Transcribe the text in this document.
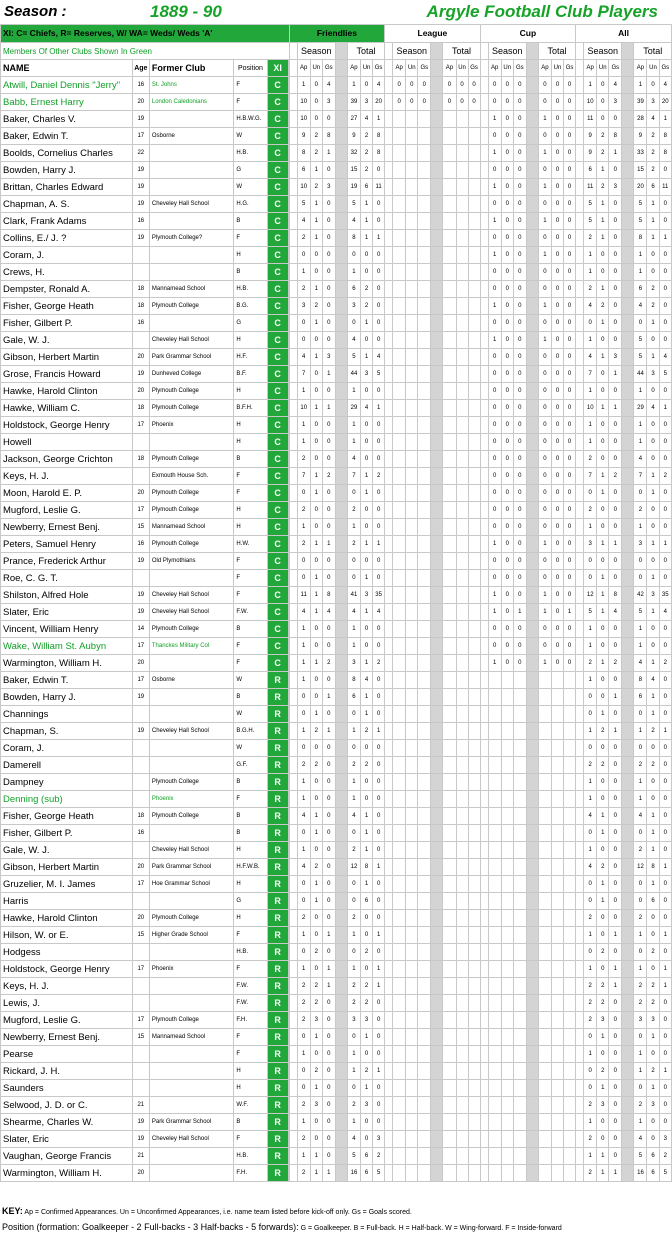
Season :	1889 - 90	Argyle Football Club Players
XI: C= Chiefs, R= Reserves, W/ WA= Weds/ Weds 'A'					Friendlies								League								Cup								All							
Members Of Other Clubs Shown In Green						Season				Total				Season				Total				Season				Total				Season				Total		
NAME	Age	Former Club	Position	XI			Ap	Un	Gs		Ap	Un	Gs		Ap	Un	Gs		Ap	Un	Gs		Ap	Un	Gs		Ap	Un	Gs		Ap	Un	Gs		Ap	Un	Gs
Atwill, Daniel Dennis "Jerry"	16	St. Johns	F	C			1	0	4		1	0	4		0	0	0		0	0	0		0	0	0		0	0	0		1	0	4		1	0	4
Babb, Ernest Harry	20	London Caledonians	F	C			10	0	3		39	3	20		0	0	0		0	0	0		0	0	0		0	0	0		10	0	3		39	3	20
Baker, Charles V.	19		H.B.W.G.	C			10	0	0		27	4	1										1	0	0		1	0	0		11	0	0		28	4	1
Baker, Edwin T.	17	Osborne	W	C			9	2	8		9	2	8										0	0	0		0	0	0		9	2	8		9	2	8
Boolds, Cornelius Charles	22		H.B.	C			8	2	1		32	2	8										1	0	0		1	0	0		9	2	1		33	2	8
Bowden, Harry J.	19		G	C			6	1	0		15	2	0										0	0	0		0	0	0		6	1	0		15	2	0
Brittan, Charles Edward	19		W	C			10	2	3		19	6	11										1	0	0		1	0	0		11	2	3		20	6	11
Chapman, A. S.	19	Cheveley Hall School	H.G.	C			5	1	0		5	1	0										0	0	0		0	0	0		5	1	0		5	1	0
Clark, Frank Adams	16		B	C			4	1	0		4	1	0										1	0	0		1	0	0		5	1	0		5	1	0
Collins, E./ J. ?	19	Plymouth College?	F	C			2	1	0		8	1	1										0	0	0		0	0	0		2	1	0		8	1	1
Coram, J.			H	C			0	0	0		0	0	0										1	0	0		1	0	0		1	0	0		1	0	0
Crews, H.			B	C			1	0	0		1	0	0										0	0	0		0	0	0		1	0	0		1	0	0
Dempster, Ronald A.	18	Mannamead School	H.B.	C			2	1	0		6	2	0										0	0	0		0	0	0		2	1	0		6	2	0
Fisher, George Heath	18	Plymouth College	B.G.	C			3	2	0		3	2	0										1	0	0		1	0	0		4	2	0		4	2	0
Fisher, Gilbert P.	16		G	C			0	1	0		0	1	0										0	0	0		0	0	0		0	1	0		0	1	0
Gale, W. J.		Cheveley Hall School	H	C			0	0	0		4	0	0										1	0	0		1	0	0		1	0	0		5	0	0
Gibson, Herbert Martin	20	Park Grammar School	H.F.	C			4	1	3		5	1	4										0	0	0		0	0	0		4	1	3		5	1	4
Grose, Francis Howard	19	Dunheved College	B.F.	C			7	0	1		44	3	5										0	0	0		0	0	0		7	0	1		44	3	5
Hawke, Harold Clinton	20	Plymouth College	H	C			1	0	0		1	0	0										0	0	0		0	0	0		1	0	0		1	0	0
Hawke, William C.	18	Plymouth College	B.F.H.	C			10	1	1		29	4	1										0	0	0		0	0	0		10	1	1		29	4	1
Holdstock, George Henry	17	Phoenix	H	C			1	0	0		1	0	0										0	0	0		0	0	0		1	0	0		1	0	0
Howell			H	C			1	0	0		1	0	0										0	0	0		0	0	0		1	0	0		1	0	0
Jackson, George Crichton	18	Plymouth College	B	C			2	0	0		4	0	0										0	0	0		0	0	0		2	0	0		4	0	0
Keys, H. J.		Exmouth House Sch.	F	C			7	1	2		7	1	2										0	0	0		0	0	0		7	1	2		7	1	2
Moon, Harold E. P.	20	Plymouth College	F	C			0	1	0		0	1	0										0	0	0		0	0	0		0	1	0		0	1	0
Mugford, Leslie G.	17	Plymouth College	H	C			2	0	0		2	0	0										0	0	0		0	0	0		2	0	0		2	0	0
Newberry, Ernest Benj.	15	Mannamead School	H	C			1	0	0		1	0	0										0	0	0		0	0	0		1	0	0		1	0	0
Peters, Samuel Henry	16	Plymouth College	H.W.	C			2	1	1		2	1	1										1	0	0		1	0	0		3	1	1		3	1	1
Prance, Frederick Arthur	19	Old Plymothians	F	C			0	0	0		0	0	0										0	0	0		0	0	0		0	0	0		0	0	0
Roe, C. G. T.			F	C			0	1	0		0	1	0										0	0	0		0	0	0		0	1	0		0	1	0
Shilston, Alfred Hole	19	Cheveley Hall School	F	C			11	1	8		41	3	35										1	0	0		1	0	0		12	1	8		42	3	35
Slater, Eric	19	Cheveley Hall School	F.W.	C			4	1	4		4	1	4										1	0	1		1	0	1		5	1	4		5	1	4
Vincent, William Henry	14	Plymouth College	B	C			1	0	0		1	0	0										0	0	0		0	0	0		1	0	0		1	0	0
Wake, William St. Aubyn	17	Thanckes Military Col	F	C			1	0	0		1	0	0										0	0	0		0	0	0		1	0	0		1	0	0
Warmington, William H.	20		F	C			1	1	2		3	1	2										1	0	0		1	0	0		2	1	2		4	1	2
Baker, Edwin T.	17	Osborne	W	R			1	0	0		8	4	0																		1	0	0		8	4	0
Bowden, Harry J.	19		B	R			0	0	1		6	1	0																		0	0	1		6	1	0
Channings			W	R			0	1	0		0	1	0																		0	1	0		0	1	0
Chapman, S.	19	Cheveley Hall School	B.G.H.	R			1	2	1		1	2	1																		1	2	1		1	2	1
Coram, J.			W	R			0	0	0		0	0	0																		0	0	0		0	0	0
Damerell			G.F.	R			2	2	0		2	2	0																		2	2	0		2	2	0
Dampney		Plymouth College	B	R			1	0	0		1	0	0																		1	0	0		1	0	0
Denning (sub)		Phoenix	F	R			1	0	0		1	0	0																		1	0	0		1	0	0
Fisher, George Heath	18	Plymouth College	B	R			4	1	0		4	1	0																		4	1	0		4	1	0
Fisher, Gilbert P.	16		B	R			0	1	0		0	1	0																		0	1	0		0	1	0
Gale, W. J.		Cheveley Hall School	H	R			1	0	0		2	1	0																		1	0	0		2	1	0
Gibson, Herbert Martin	20	Park Grammar School	H.F.W.B.	R			4	2	0		12	8	1																		4	2	0		12	8	1
Gruzelier, M. I. James	17	Hoe Grammar School	H	R			0	1	0		0	1	0																		0	1	0		0	1	0
Harris			G	R			0	1	0		0	6	0																		0	1	0		0	6	0
Hawke, Harold Clinton	20	Plymouth College	H	R			2	0	0		2	0	0																		2	0	0		2	0	0
Hilson, W. or E.	15	Higher Grade School	F	R			1	0	1		1	0	1																		1	0	1		1	0	1
Hodgess			H.B.	R			0	2	0		0	2	0																		0	2	0		0	2	0
Holdstock, George Henry	17	Phoenix	F	R			1	0	1		1	0	1																		1	0	1		1	0	1
Keys, H. J.			F.W.	R			2	2	1		2	2	1																		2	2	1		2	2	1
Lewis, J.			F.W.	R			2	2	0		2	2	0																		2	2	0		2	2	0
Mugford, Leslie G.	17	Plymouth College	F.H.	R			2	3	0		3	3	0																		2	3	0		3	3	0
Newberry, Ernest Benj.	15	Mannamead School	F	R			0	1	0		0	1	0																		0	1	0		0	1	0
Pearse			F	R			1	0	0		1	0	0																		1	0	0		1	0	0
Rickard, J. H.			H	R			0	2	0		1	2	1																		0	2	0		1	2	1
Saunders			H	R			0	1	0		0	1	0																		0	1	0		0	1	0
Selwood, J. D. or C.	21		W.F.	R			2	3	0		2	3	0																		2	3	0		2	3	0
Shearme, Charles W.	19	Park Grammar School	B	R			1	0	0		1	0	0																		1	0	0		1	0	0
Slater, Eric	19	Cheveley Hall School	F	R			2	0	0		4	0	3																		2	0	0		4	0	3
Vaughan, George Francis	21		H.B.	R			1	1	0		5	6	2																		1	1	0		5	6	2
Warmington, William H.	20		F.H.	R			2	1	1		16	6	5																		2	1	1		16	6	5
KEY: Ap = Confirmed Appearances. Un = Unconfirmed Appearances, i.e. name team listed before kick-off only. Gs = Goals scored.
Position (formation: Goalkeeper - 2 Full-backs - 3 Half-backs - 5 forwards): G = Goalkeeper. B = Full-back. H = Half-back. W = Wing-forward. F = Inside-forward
